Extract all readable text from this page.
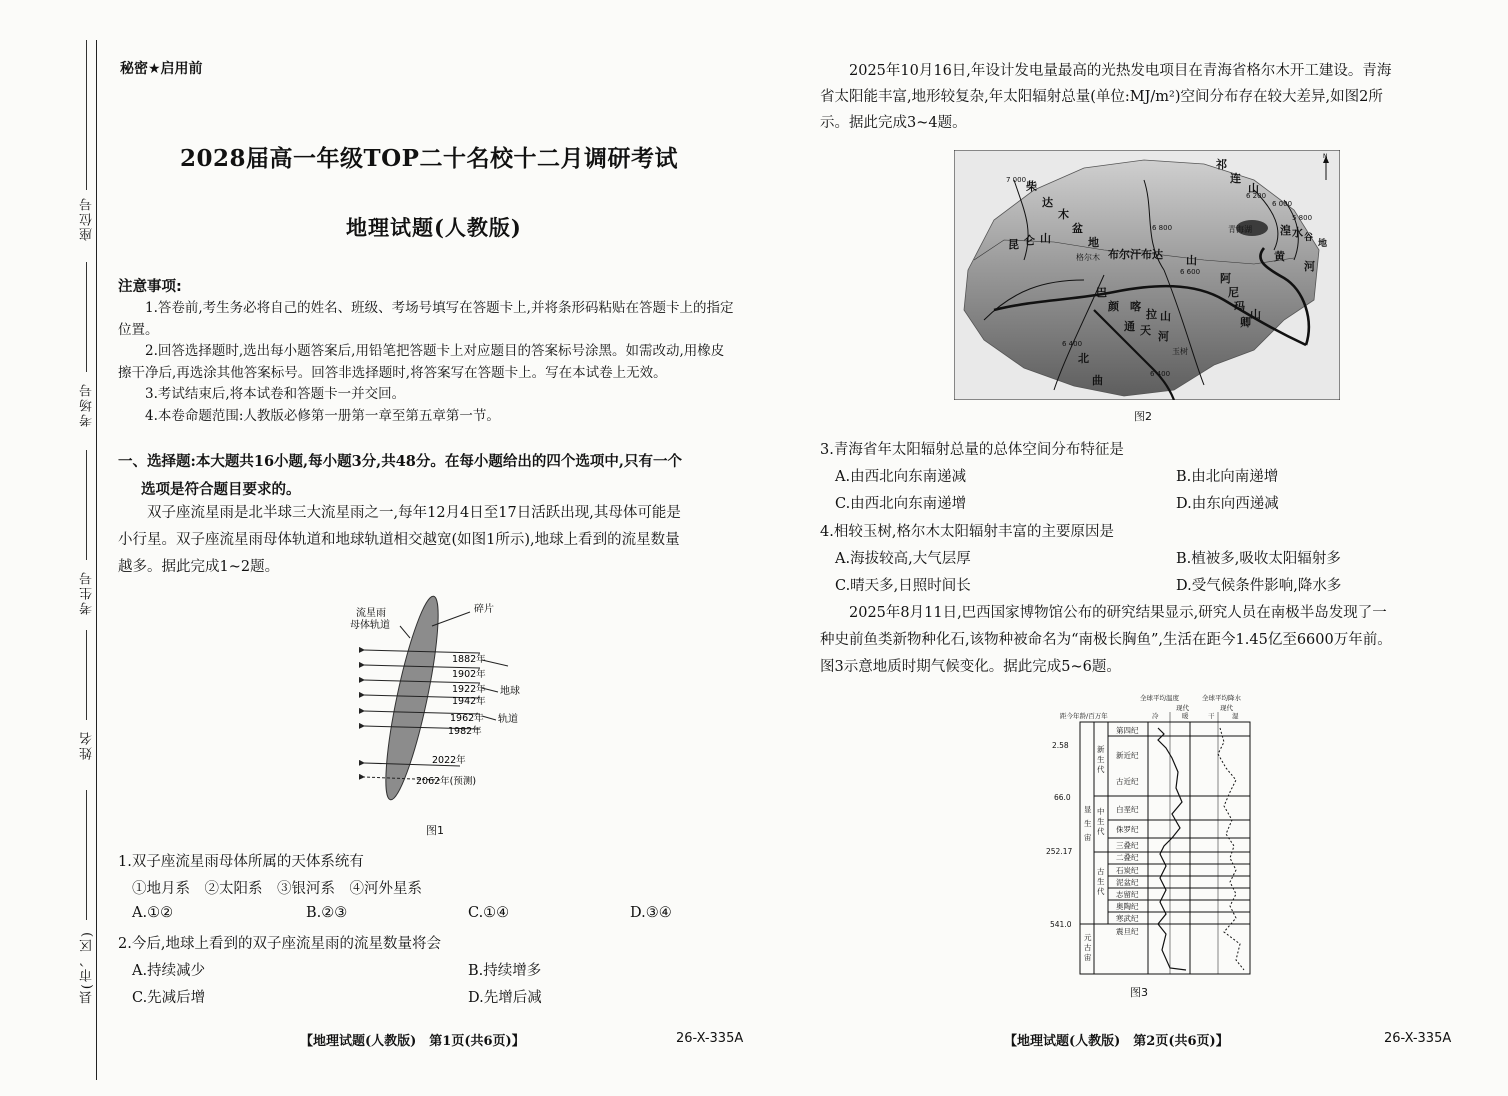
座位号
考场号
考生号
姓名
县(市、区)
秘密★启用前
2028届高一年级TOP二十名校十二月调研考试
地理试题(人教版)
注意事项:
1.答卷前,考生务必将自己的姓名、班级、考场号填写在答题卡上,并将条形码粘贴在答题卡上的指定
位置。
2.回答选择题时,选出每小题答案后,用铅笔把答题卡上对应题目的答案标号涂黑。如需改动,用橡皮
擦干净后,再选涂其他答案标号。回答非选择题时,将答案写在答题卡上。写在本试卷上无效。
3.考试结束后,将本试卷和答题卡一并交回。
4.本卷命题范围:人教版必修第一册第一章至第五章第一节。
一、选择题:本大题共16小题,每小题3分,共48分。在每小题给出的四个选项中,只有一个
选项是符合题目要求的。
双子座流星雨是北半球三大流星雨之一,每年12月4日至17日活跃出现,其母体可能是
小行星。双子座流星雨母体轨道和地球轨道相交越宽(如图1所示),地球上看到的流星数量
越多。据此完成1~2题。
流星雨
母体轨道
碎片
1882年
1902年
1922年
1942年
1962年
1982年
2022年
2062年(预测)
地球
轨道
图1
1.双子座流星雨母体所属的天体系统有
①地月系　②太阳系　③银河系　④河外星系
A.①②	B.②③	C.①④	D.③④
2.今后,地球上看到的双子座流星雨的流星数量将会
A.持续减少	B.持续增多
C.先减后增	D.先增后减
【地理试题(人教版)　第1页(共6页)】	26-X-335A
2025年10月16日,年设计发电量最高的光热发电项目在青海省格尔木开工建设。青海
省太阳能丰富,地形较复杂,年太阳辐射总量(单位:MJ/m²)空间分布存在较大差异,如图2所
示。据此完成3~4题。
柴
达
木
盆
地
格尔木
祁
连
山
青海湖	湟 水 谷
地
昆 仑 山
布尔汗布达 山
阿
尼
玛
卿
山
巴
颜 喀
拉 山
通 天 河
玉树
黄
河
北
曲
7 000
6 800
6 600
6 400
6 400
6 200
6 000
5 800
N
图2
3.青海省年太阳辐射总量的总体空间分布特征是
A.由西北向东南递减	B.由北向南递增
C.由西北向东南递增	D.由东向西递减
4.相较玉树,格尔木太阳辐射丰富的主要原因是
A.海拔较高,大气层厚	B.植被多,吸收太阳辐射多
C.晴天多,日照时间长	D.受气候条件影响,降水多
2025年8月11日,巴西国家博物馆公布的研究结果显示,研究人员在南极半岛发现了一
种史前鱼类新物种化石,该物种被命名为“南极长胸鱼”,生活在距今1.45亿至6600万年前。
图3示意地质时期气候变化。据此完成5~6题。
全球平均温度	全球平均降水
现代	现代
距今年龄/百万年	冷	暖	干	湿
2.58
66.0
252.17
541.0
显
生
宙
元
古
宙
新
生
代
中
生
代
古
生
代
第四纪
新近纪
古近纪
白垩纪
侏罗纪
三叠纪
二叠纪
石炭纪
泥盆纪
志留纪
奥陶纪
寒武纪
震旦纪
图3
【地理试题(人教版)　第2页(共6页)】	26-X-335A
